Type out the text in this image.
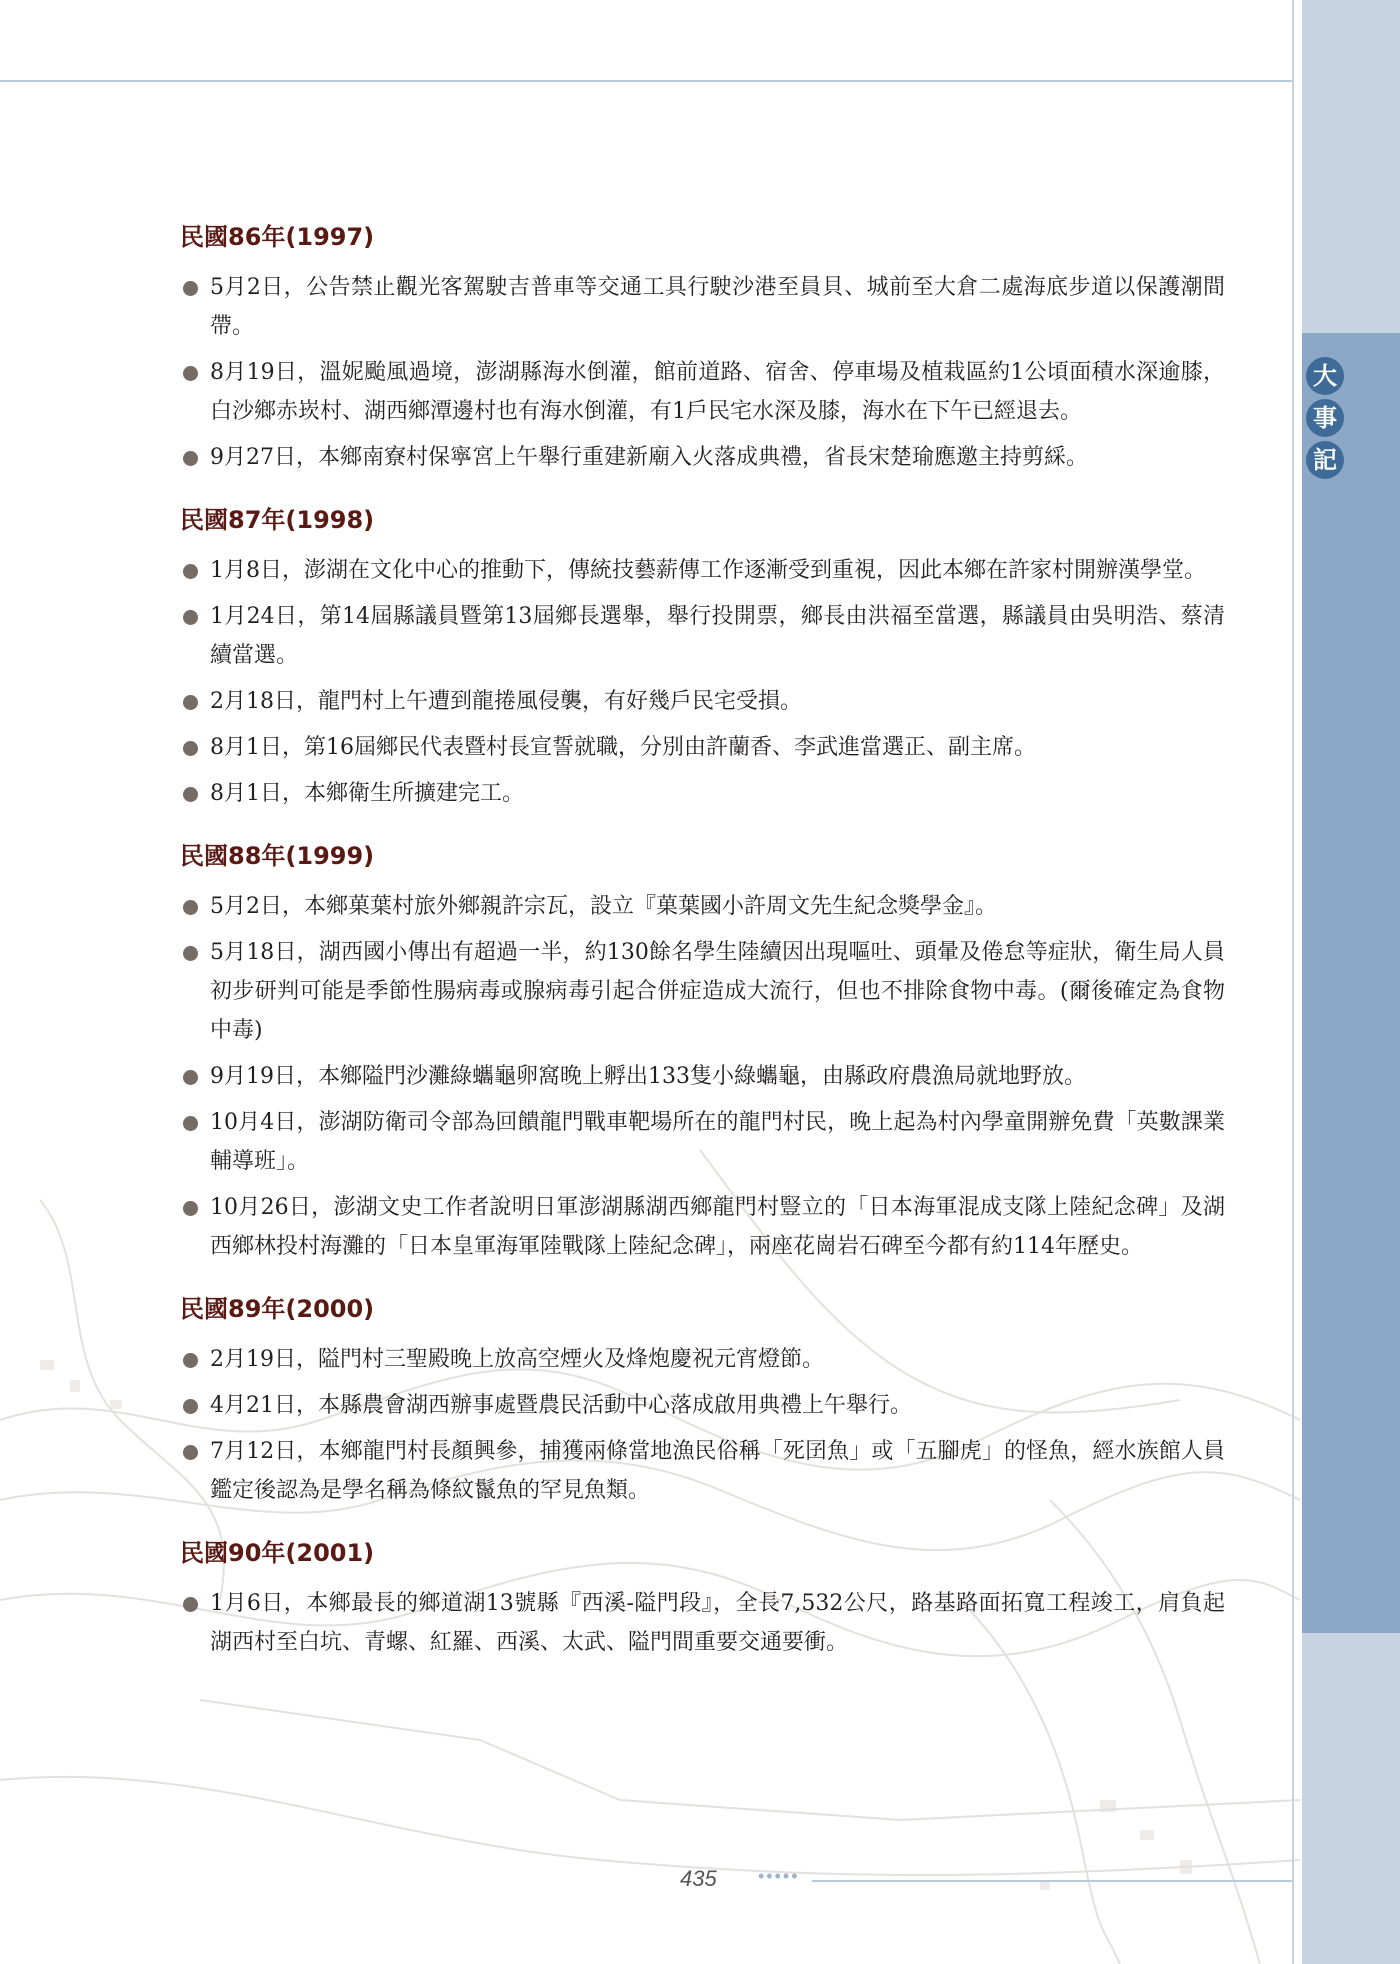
大
事
記
民國86年(1997)
5月2日，公告禁止觀光客駕駛吉普車等交通工具行駛沙港至員貝、城前至大倉二處海底步道以保護潮間帶。
8月19日，溫妮颱風過境，澎湖縣海水倒灌，館前道路、宿舍、停車場及植栽區約1公頃面積水深逾膝，白沙鄉赤崁村、湖西鄉潭邊村也有海水倒灌，有1戶民宅水深及膝，海水在下午已經退去。
9月27日，本鄉南寮村保寧宮上午舉行重建新廟入火落成典禮，省長宋楚瑜應邀主持剪綵。
民國87年(1998)
1月8日，澎湖在文化中心的推動下，傳統技藝薪傳工作逐漸受到重視，因此本鄉在許家村開辦漢學堂。
1月24日，第14屆縣議員暨第13屆鄉長選舉，舉行投開票，鄉長由洪福至當選，縣議員由吳明浩、蔡清續當選。
2月18日，龍門村上午遭到龍捲風侵襲，有好幾戶民宅受損。
8月1日，第16屆鄉民代表暨村長宣誓就職，分別由許蘭香、李武進當選正、副主席。
8月1日，本鄉衛生所擴建完工。
民國88年(1999)
5月2日，本鄉菓葉村旅外鄉親許宗瓦，設立『菓葉國小許周文先生紀念獎學金』。
5月18日，湖西國小傳出有超過一半，約130餘名學生陸續因出現嘔吐、頭暈及倦怠等症狀，衛生局人員初步研判可能是季節性腸病毒或腺病毒引起合併症造成大流行，但也不排除食物中毒。(爾後確定為食物中毒)
9月19日，本鄉隘門沙灘綠蠵龜卵窩晚上孵出133隻小綠蠵龜，由縣政府農漁局就地野放。
10月4日，澎湖防衛司令部為回饋龍門戰車靶場所在的龍門村民，晚上起為村內學童開辦免費「英數課業輔導班」。
10月26日，澎湖文史工作者說明日軍澎湖縣湖西鄉龍門村豎立的「日本海軍混成支隊上陸紀念碑」及湖西鄉林投村海灘的「日本皇軍海軍陸戰隊上陸紀念碑」，兩座花崗岩石碑至今都有約114年歷史。
民國89年(2000)
2月19日，隘門村三聖殿晚上放高空煙火及烽炮慶祝元宵燈節。
4月21日，本縣農會湖西辦事處暨農民活動中心落成啟用典禮上午舉行。
7月12日，本鄉龍門村長顏興參，捕獲兩條當地漁民俗稱「死囝魚」或「五腳虎」的怪魚，經水族館人員鑑定後認為是學名稱為條紋鬣魚的罕見魚類。
民國90年(2001)
1月6日，本鄉最長的鄉道湖13號縣『西溪-隘門段』，全長7,532公尺，路基路面拓寬工程竣工，肩負起湖西村至白坑、青螺、紅羅、西溪、太武、隘門間重要交通要衝。
435 •••••
